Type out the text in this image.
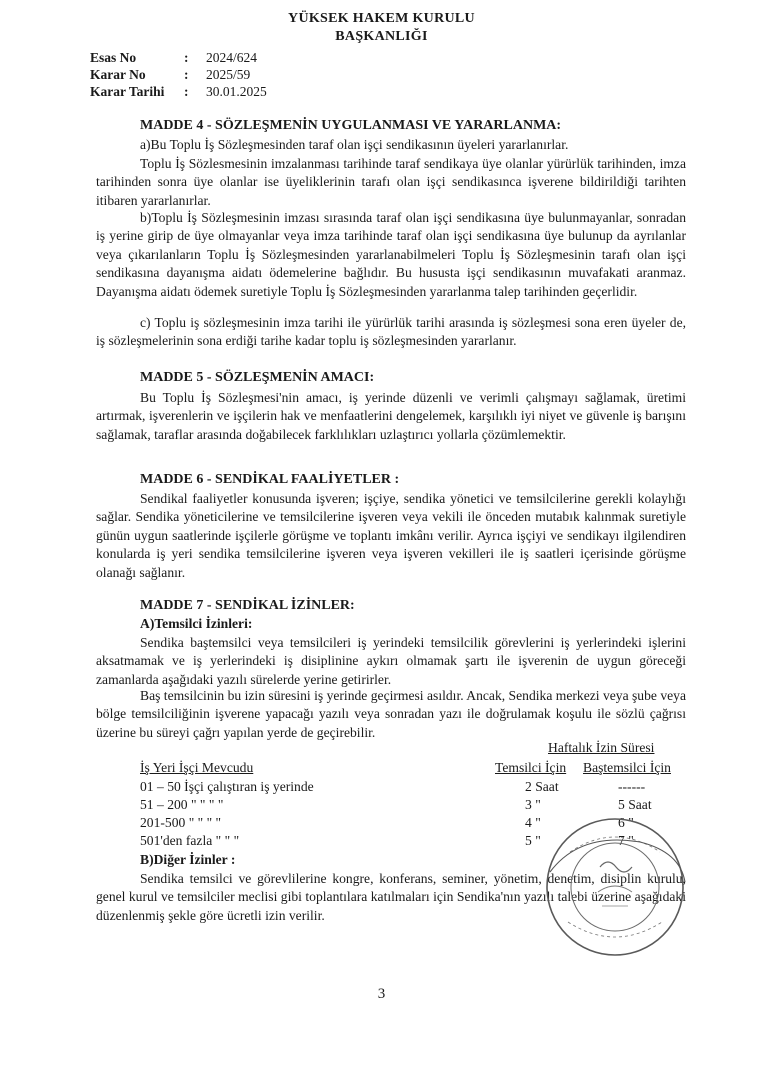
YÜKSEK HAKEM KURULU
BAŞKANLIĞI
Esas No	: 2024/624
Karar No	: 2025/59
Karar Tarihi : 30.01.2025
MADDE 4 - SÖZLEŞMENİN UYGULANMASI VE YARARLANMA:
a)Bu Toplu İş Sözleşmesinden taraf olan işçi sendikasının üyeleri yararlanırlar.
Toplu İş Sözlesmesinin imzalanması tarihinde taraf sendikaya üye olanlar yürürlük tarihinden, imza tarihinden sonra üye olanlar ise üyeliklerinin tarafı olan işçi sendikasınca işverene bildirildiği tarihten itibaren yararlanırlar.
b)Toplu İş Sözleşmesinin imzası sırasında taraf olan işçi sendikasına üye bulunmayanlar, sonradan iş yerine girip de üye olmayanlar veya imza tarihinde taraf olan işçi sendikasına üye bulunup da ayrılanlar veya çıkarılanların Toplu İş Sözleşmesinden yararlanabilmeleri Toplu İş Sözleşmesinin tarafı olan işçi sendikasına dayanışma aidatı ödemelerine bağlıdır. Bu hususta işçi sendikasının muvafakati aranmaz. Dayanışma aidatı ödemek suretiyle Toplu İş Sözleşmesinden yararlanma talep tarihinden geçerlidir.
c) Toplu iş sözleşmesinin imza tarihi ile yürürlük tarihi arasında iş sözleşmesi sona eren üyeler de, iş sözleşmelerinin sona erdiği tarihe kadar toplu iş sözleşmesinden yararlanır.
MADDE 5 - SÖZLEŞMENİN AMACI:
Bu Toplu İş Sözleşmesi'nin amacı, iş yerinde düzenli ve verimli çalışmayı sağlamak, üretimi artırmak, işverenlerin ve işçilerin hak ve menfaatlerini dengelemek, karşılıklı iyi niyet ve güvenle iş barışını sağlamak, taraflar arasında doğabilecek farklılıkları uzlaştırıcı yollarla çözümlemektir.
MADDE 6 - SENDİKAL FAALİYETLER :
Sendikal faaliyetler konusunda işveren; işçiye, sendika yönetici ve temsilcilerine gerekli kolaylığı sağlar. Sendika yöneticilerine ve temsilcilerine işveren veya vekili ile önceden mutabık kalınmak suretiyle günün uygun saatlerinde işçilerle görüşme ve toplantı imkânı verilir. Ayrıca işçiyi ve sendikayı ilgilendiren konularda iş yeri sendika temsilcilerine işveren veya işveren vekilleri ile iş saatleri içerisinde görüşme olanağı sağlanır.
MADDE 7 - SENDİKAL İZİNLER:
A)Temsilci İzinleri:
Sendika baştemsilci veya temsilcileri iş yerindeki temsilcilik görevlerini iş yerlerindeki işlerini aksatmamak ve iş yerlerindeki iş disiplinine aykırı olmamak şartı ile işverenin de uygun göreceği zamanlarda aşağıdaki yazılı sürelerde yerine getirirler.
Baş temsilcinin bu izin süresini iş yerinde geçirmesi asıldır. Ancak, Sendika merkezi veya şube veya bölge temsilciliğinin işverene yapacağı yazılı veya sonradan yazı ile doğrulamak koşulu ile sözlü çağrısı üzerine bu süreyi çağrı yapılan yerde de geçirebilir.
Haftalık İzin Süresi
İş Yeri İşçi Mevcudu	Temsilci İçin Baştemsilci İçin
01 – 50 İşçi çalıştıran iş yerinde	2 Saat	------
51 – 200 " " " "	3 "	5 Saat
201-500 " " " "	4 "	6 "
501'den fazla " " "	5 "	7 "
B)Diğer İzinler :
Sendika temsilci ve görevlilerine kongre, konferans, seminer, yönetim, denetim, disiplin kurulu, genel kurul ve temsilciler meclisi gibi toplantılara katılmaları için Sendika'nın yazılı talebi üzerine aşağıdaki düzenlenmiş şekle göre ücretli izin verilir.
3
